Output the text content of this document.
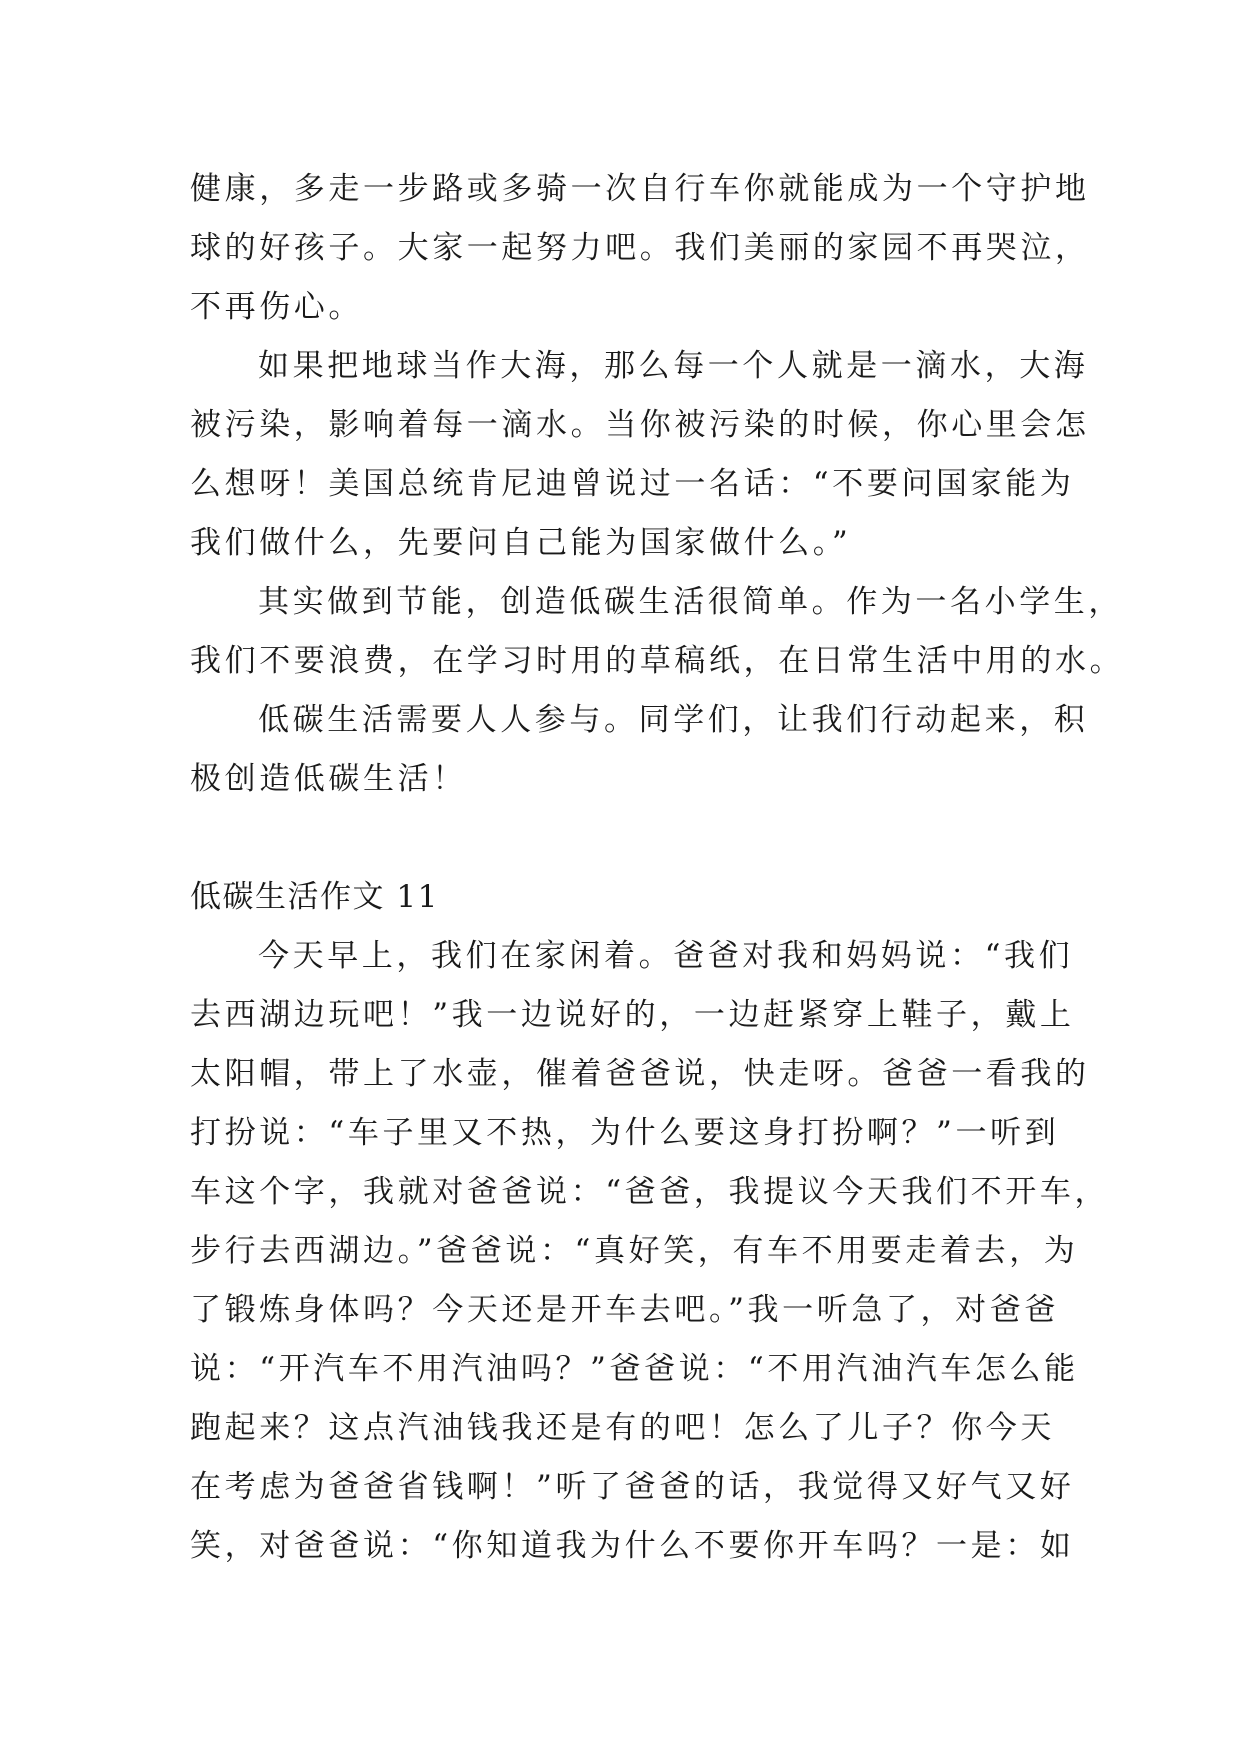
健康，多走一步路或多骑一次自行车你就能成为一个守护地
球的好孩子。大家一起努力吧。我们美丽的家园不再哭泣，
不再伤心。
如果把地球当作大海，那么每一个人就是一滴水，大海
被污染，影响着每一滴水。当你被污染的时候，你心里会怎
么想呀！美国总统肯尼迪曾说过一名话：“不要问国家能为
我们做什么，先要问自己能为国家做什么。”
其实做到节能，创造低碳生活很简单。作为一名小学生，
我们不要浪费，在学习时用的草稿纸，在日常生活中用的水。
低碳生活需要人人参与。同学们，让我们行动起来，积
极创造低碳生活！
低碳生活作文 11
今天早上，我们在家闲着。爸爸对我和妈妈说：“我们
去西湖边玩吧！”我一边说好的，一边赶紧穿上鞋子，戴上
太阳帽，带上了水壶，催着爸爸说，快走呀。爸爸一看我的
打扮说：“车子里又不热，为什么要这身打扮啊？”一听到
车这个字，我就对爸爸说：“爸爸，我提议今天我们不开车，
步行去西湖边。”爸爸说：“真好笑，有车不用要走着去，为
了锻炼身体吗？今天还是开车去吧。”我一听急了，对爸爸
说：“开汽车不用汽油吗？”爸爸说：“不用汽油汽车怎么能
跑起来？这点汽油钱我还是有的吧！怎么了儿子？你今天
在考虑为爸爸省钱啊！”听了爸爸的话，我觉得又好气又好
笑，对爸爸说：“你知道我为什么不要你开车吗？一是：如
